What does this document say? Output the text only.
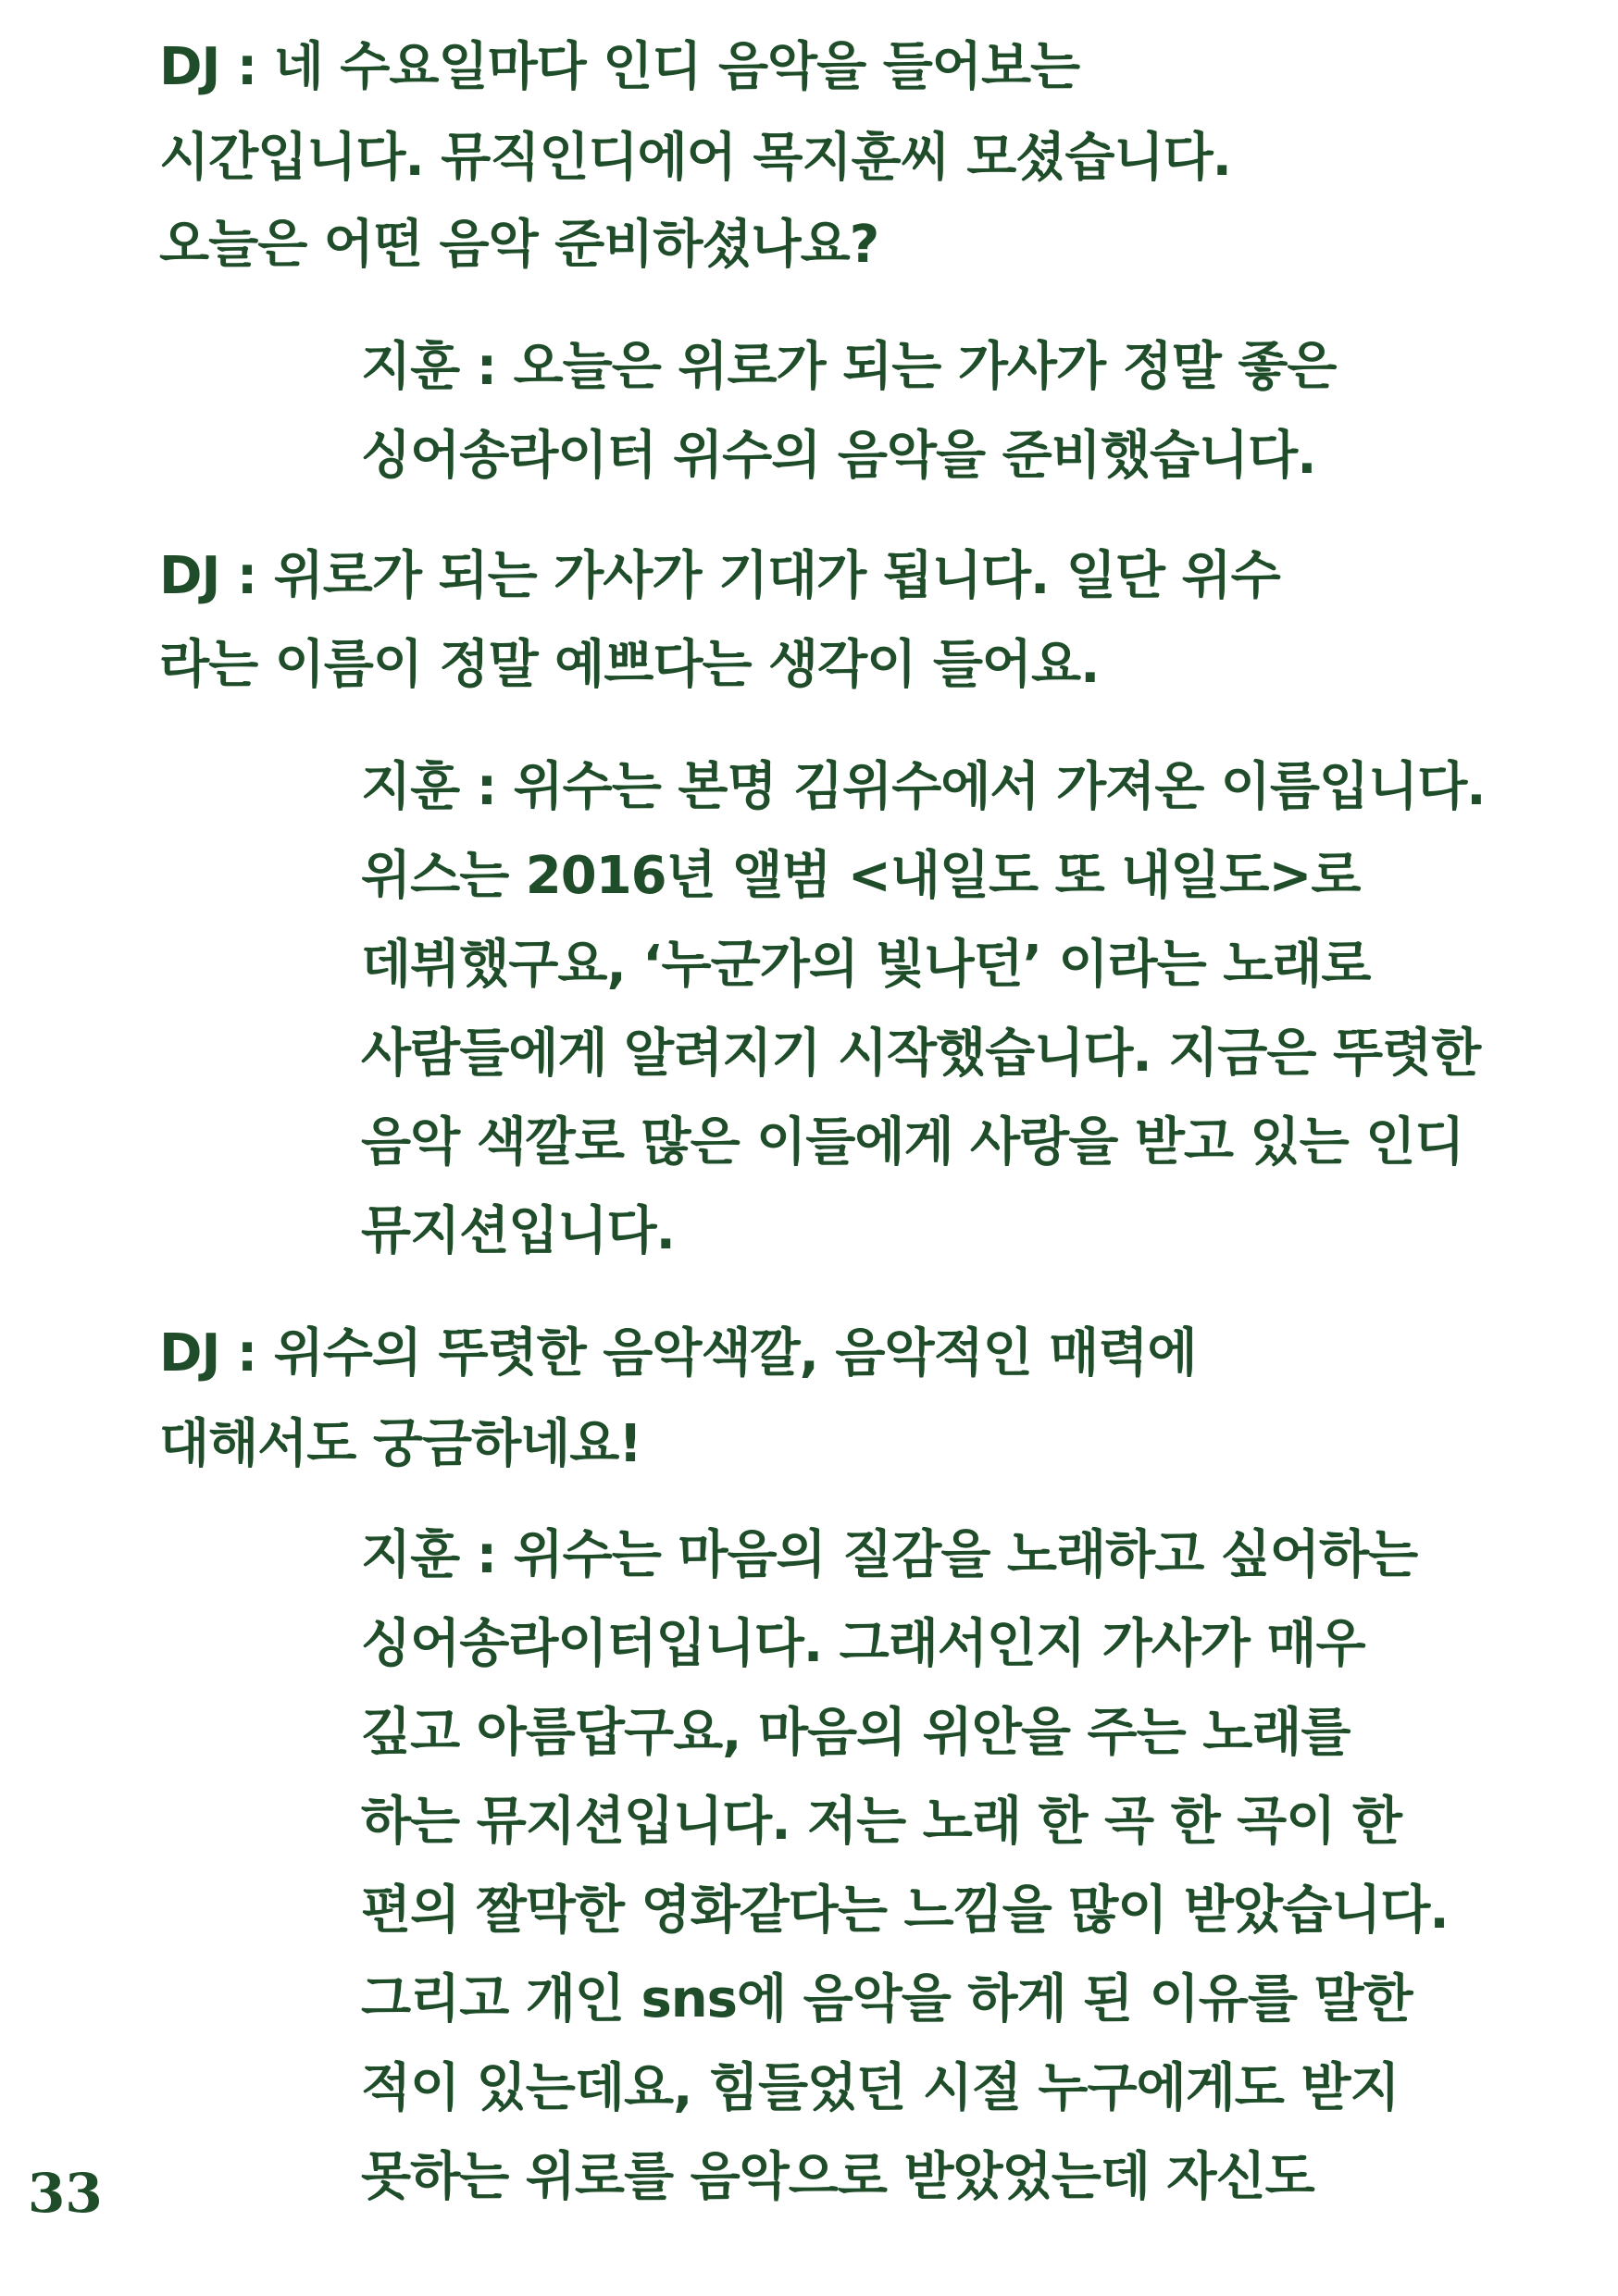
DJ : 네 수요일마다 인디 음악을 들어보는
시간입니다. 뮤직인디에어 목지훈씨 모셨습니다.
오늘은 어떤 음악 준비하셨나요?
지훈 : 오늘은 위로가 되는 가사가 정말 좋은
싱어송라이터 위수의 음악을 준비했습니다.
DJ : 위로가 되는 가사가 기대가 됩니다. 일단 위수
라는 이름이 정말 예쁘다는 생각이 들어요.
지훈 : 위수는 본명 김위수에서 가져온 이름입니다.
위스는 2016년 앨범 <내일도 또 내일도>로
데뷔했구요, ‘누군가의 빛나던’ 이라는 노래로
사람들에게 알려지기 시작했습니다. 지금은 뚜렷한
음악 색깔로 많은 이들에게 사랑을 받고 있는 인디
뮤지션입니다.
DJ : 위수의 뚜렷한 음악색깔, 음악적인 매력에
대해서도 궁금하네요!
지훈 : 위수는 마음의 질감을 노래하고 싶어하는
싱어송라이터입니다. 그래서인지 가사가 매우
깊고 아름답구요, 마음의 위안을 주는 노래를
하는 뮤지션입니다. 저는 노래 한 곡 한 곡이 한
편의 짤막한 영화같다는 느낌을 많이 받았습니다.
그리고 개인 sns에 음악을 하게 된 이유를 말한
적이 있는데요, 힘들었던 시절 누구에게도 받지
못하는 위로를 음악으로 받았었는데 자신도
33
